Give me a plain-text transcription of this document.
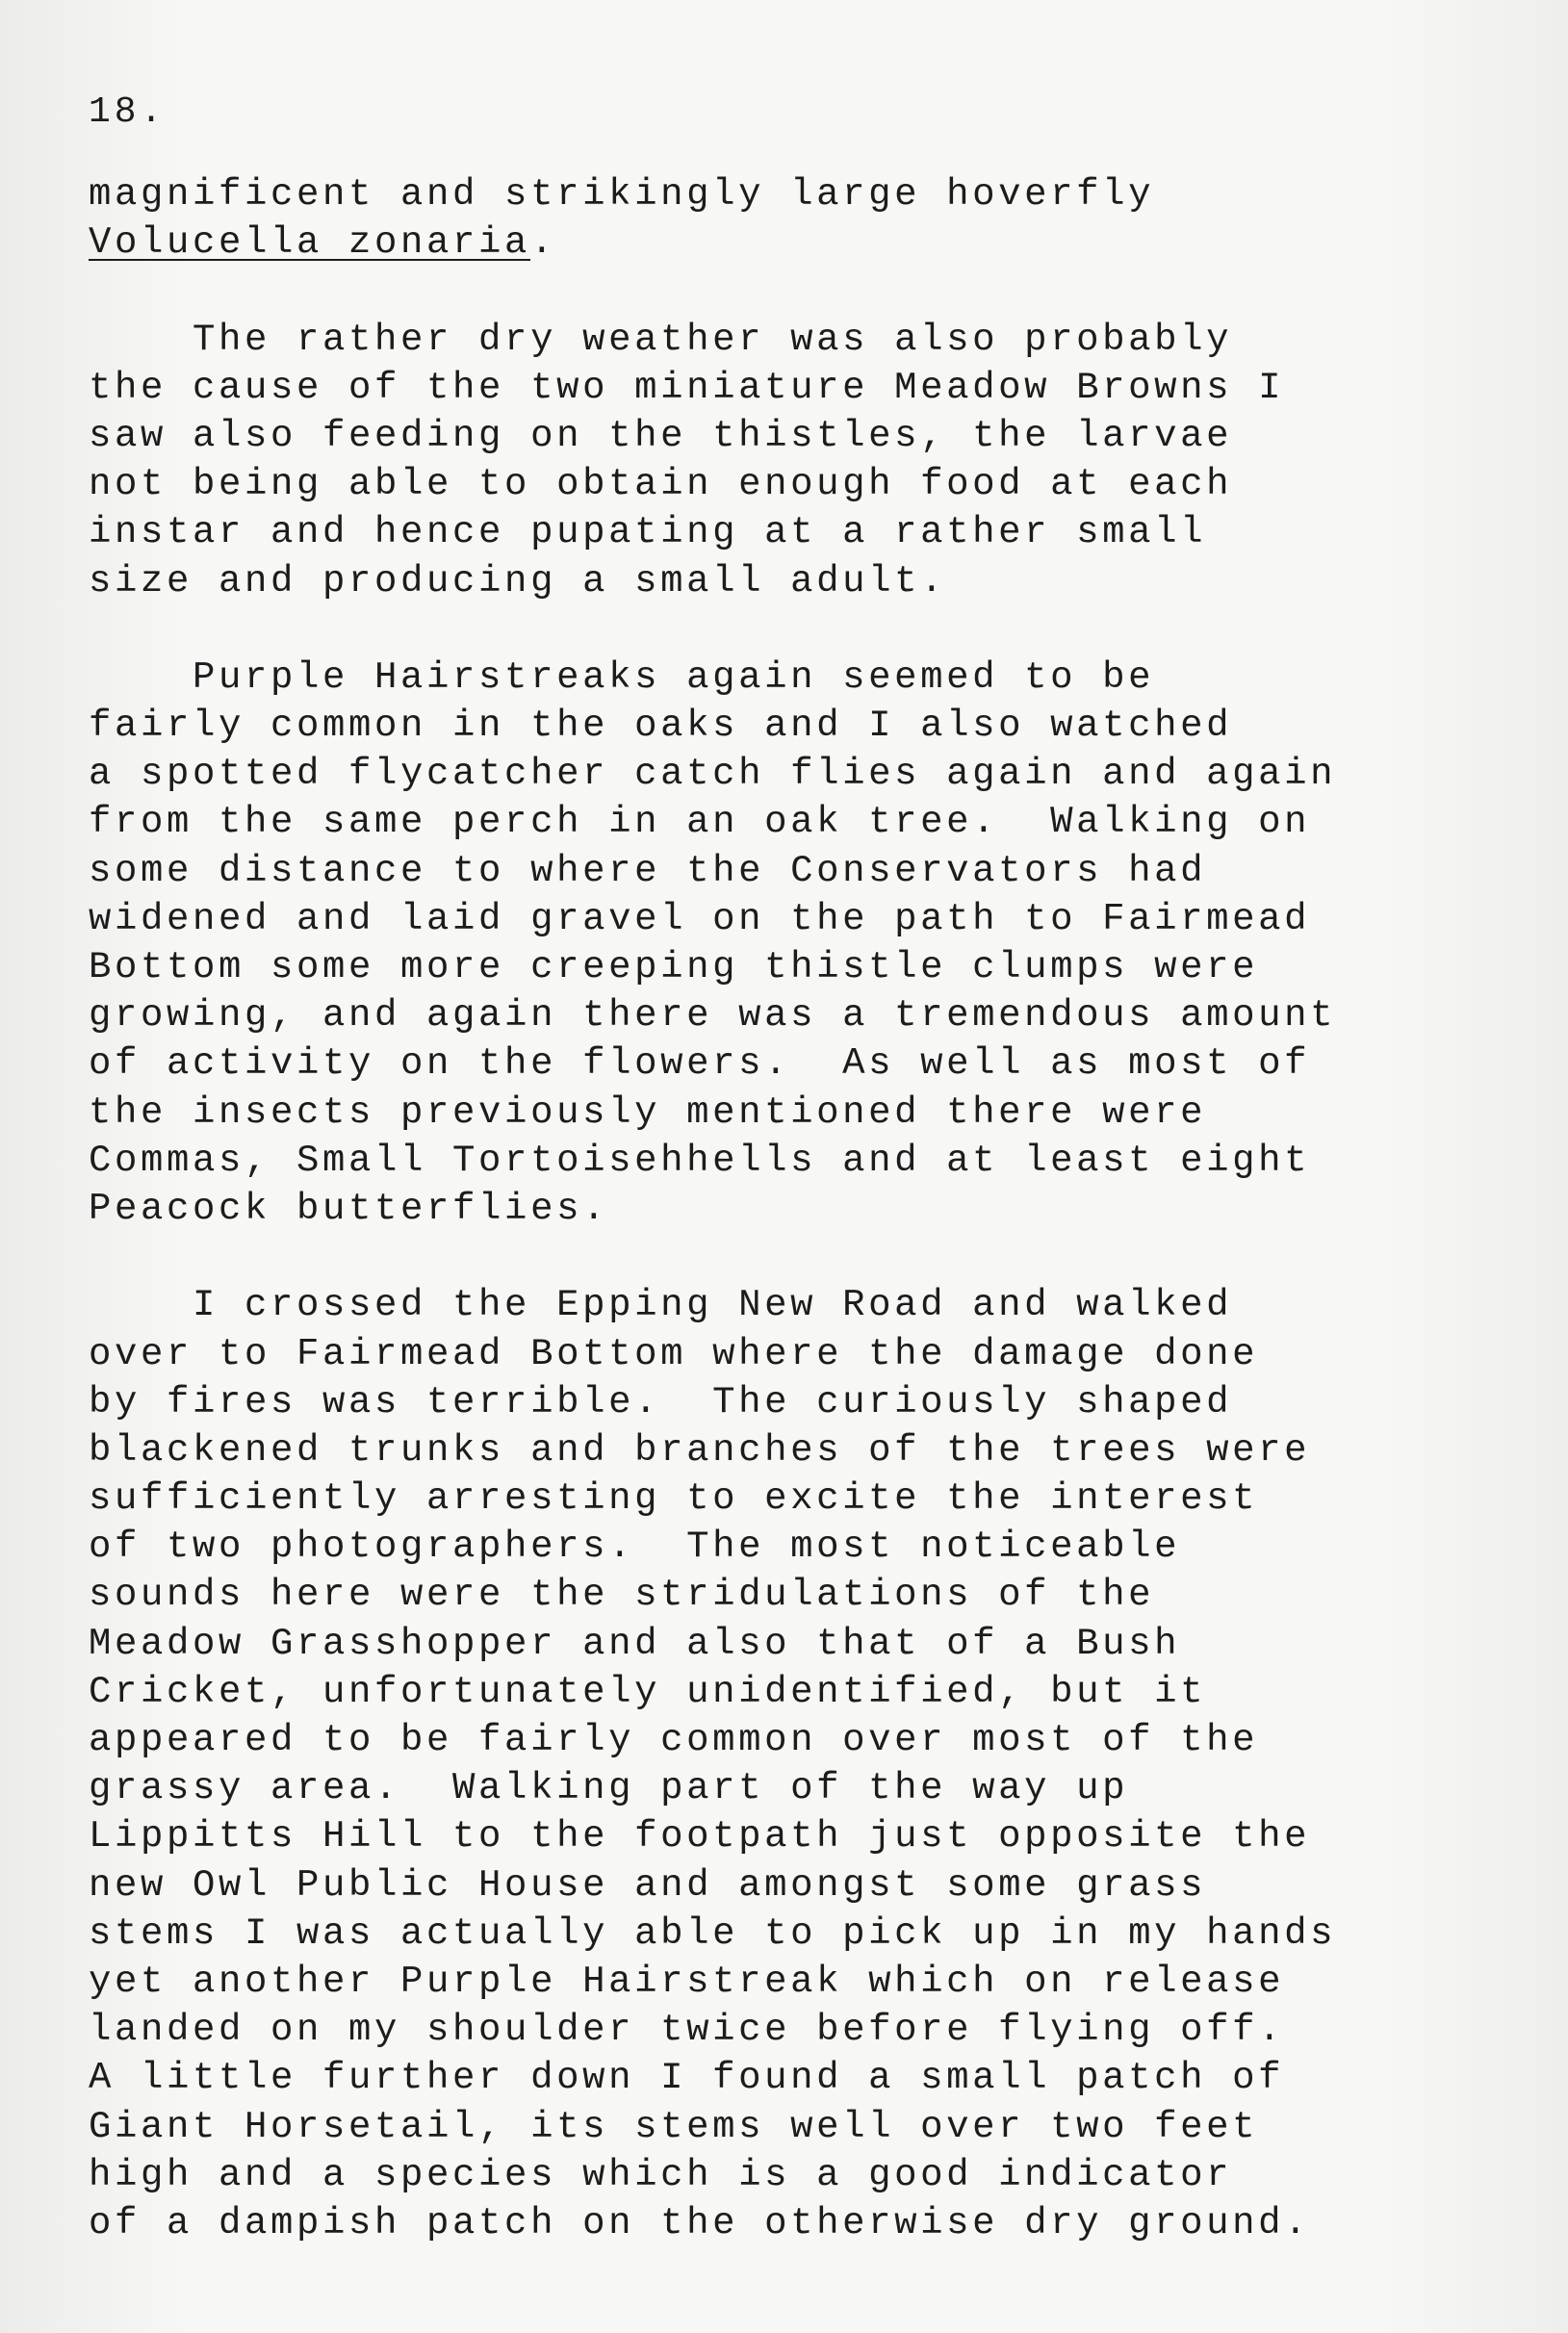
18.
magnificent and strikingly large hoverfly
Volucella zonaria.
The rather dry weather was also probably
the cause of the two miniature Meadow Browns I
saw also feeding on the thistles, the larvae
not being able to obtain enough food at each
instar and hence pupating at a rather small
size and producing a small adult.
Purple Hairstreaks again seemed to be
fairly common in the oaks and I also watched
a spotted flycatcher catch flies again and again
from the same perch in an oak tree.  Walking on
some distance to where the Conservators had
widened and laid gravel on the path to Fairmead
Bottom some more creeping thistle clumps were
growing, and again there was a tremendous amount
of activity on the flowers.  As well as most of
the insects previously mentioned there were
Commas, Small Tortoisehhells and at least eight
Peacock butterflies.
I crossed the Epping New Road and walked
over to Fairmead Bottom where the damage done
by fires was terrible.  The curiously shaped
blackened trunks and branches of the trees were
sufficiently arresting to excite the interest
of two photographers.  The most noticeable
sounds here were the stridulations of the
Meadow Grasshopper and also that of a Bush
Cricket, unfortunately unidentified, but it
appeared to be fairly common over most of the
grassy area.  Walking part of the way up
Lippitts Hill to the footpath just opposite the
new Owl Public House and amongst some grass
stems I was actually able to pick up in my hands
yet another Purple Hairstreak which on release
landed on my shoulder twice before flying off.
A little further down I found a small patch of
Giant Horsetail, its stems well over two feet
high and a species which is a good indicator
of a dampish patch on the otherwise dry ground.
